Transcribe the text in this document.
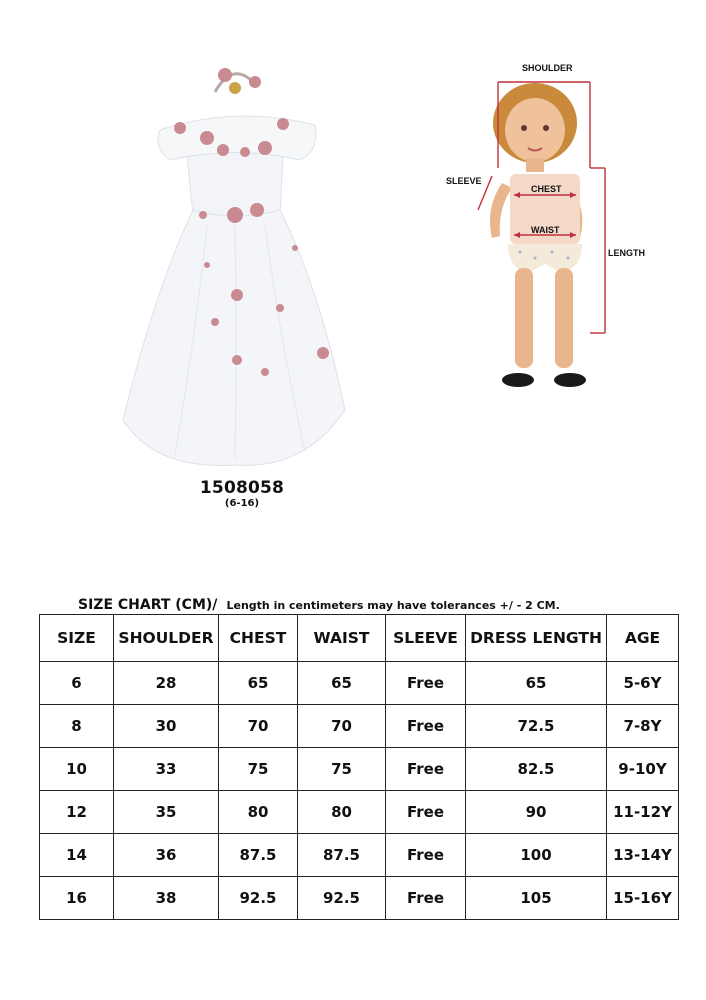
1508058
(6-16)
SHOULDER
SLEEVE
CHEST
WAIST
LENGTH
SIZE CHART (CM)/ Length in centimeters may have tolerances +/ - 2 CM.
SIZE	SHOULDER	CHEST	WAIST	SLEEVE	DRESS LENGTH	AGE
6	28	65	65	Free	65	5-6Y
8	30	70	70	Free	72.5	7-8Y
10	33	75	75	Free	82.5	9-10Y
12	35	80	80	Free	90	11-12Y
14	36	87.5	87.5	Free	100	13-14Y
16	38	92.5	92.5	Free	105	15-16Y
